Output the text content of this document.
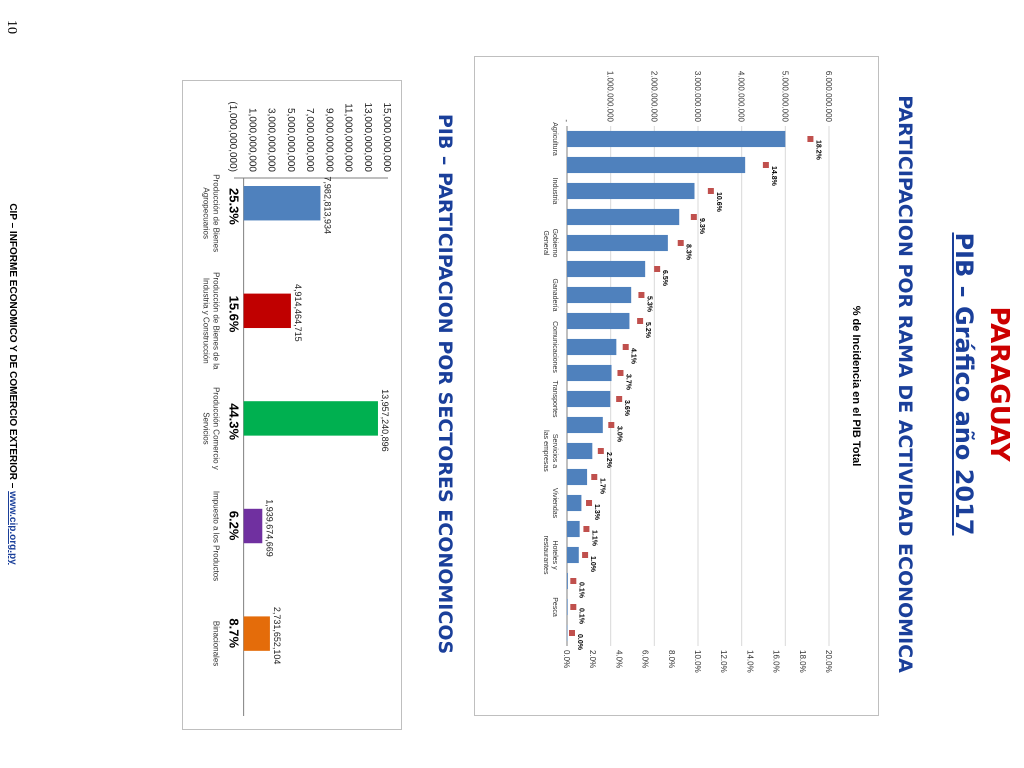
PARAGUAY
PIB – Gráfico año 2017
PARTICIPACION POR RAMA DE ACTIVIDAD ECONOMICA
PIB – PARTICIPACION POR SECTORES ECONOMICOS	-	1.000.000.000	2.000.000.000	3.000.000.000	4.000.000.000	5.000.000.000	6.000.000.000
0.0% 2.0% 4.0% 6.0% 8.0% 10.0% 12.0% 14.0% 16.0% 18.0% 20.0%
% de Incidencia en el PIB Total
18.2%
14.8%
10.6%
9.3%
8.3%
6.5%
5.3%
5.2%
4.1%
3.7%
3.6%
3.0%
2.2%
1.7%
1.3%
1.1%
1.0%
0.1%
0.1%
0.0%
Agricultura
Industria
GobiernoGeneral
Ganadería
Comunicaciones
Transportes
Servicios alas empresas
Viviendas
Hoteles yrestaurantes
Pesca
15,000,000,000
13,000,000,000
11,000,000,000
9,000,000,000
7,000,000,000
5,000,000,000
3,000,000,000
1,000,000,000
(1,000,000,000)
7,982,813,934
25.3%
Producción de BienesAgropecuarios
4,914,464,715
15.6%
Producción de Bienes de laIndustria y Construcción
13,957,240,896
44.3%
Producción Comercio yServicios
1,939,674,669
6.2%
Impuesto a los Productos
2,731,652,104
8.7%
Binacionales
CIP – INFORME ECONOMICO Y DE COMERCIO EXTERIOR – www.cip.org.py
10
